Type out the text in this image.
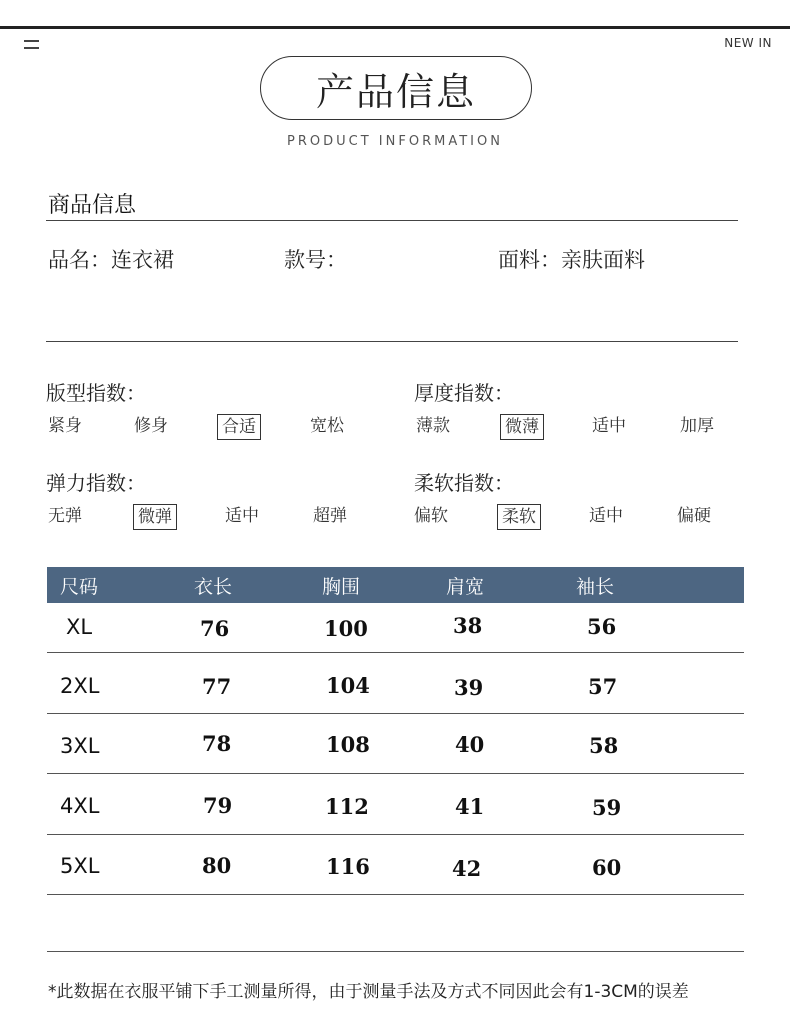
NEW IN
产品信息
PRODUCT INFORMATION
商品信息
品名：连衣裙	款号：	面料：亲肤面料
版型指数：
紧身	修身	合适	宽松
厚度指数：
薄款	微薄	适中	加厚
弹力指数：
无弹	微弹	适中	超弹
柔软指数：
偏软	柔软	适中	偏硬
尺码	衣长	胸围	肩宽	袖长
XL	76	100	38	56
2XL	77	104	39	57
3XL	78	108	40	58
4XL	79	112	41	59
5XL	80	116	42	60
*此数据在衣服平铺下手工测量所得，由于测量手法及方式不同因此会有1-3CM的误差
